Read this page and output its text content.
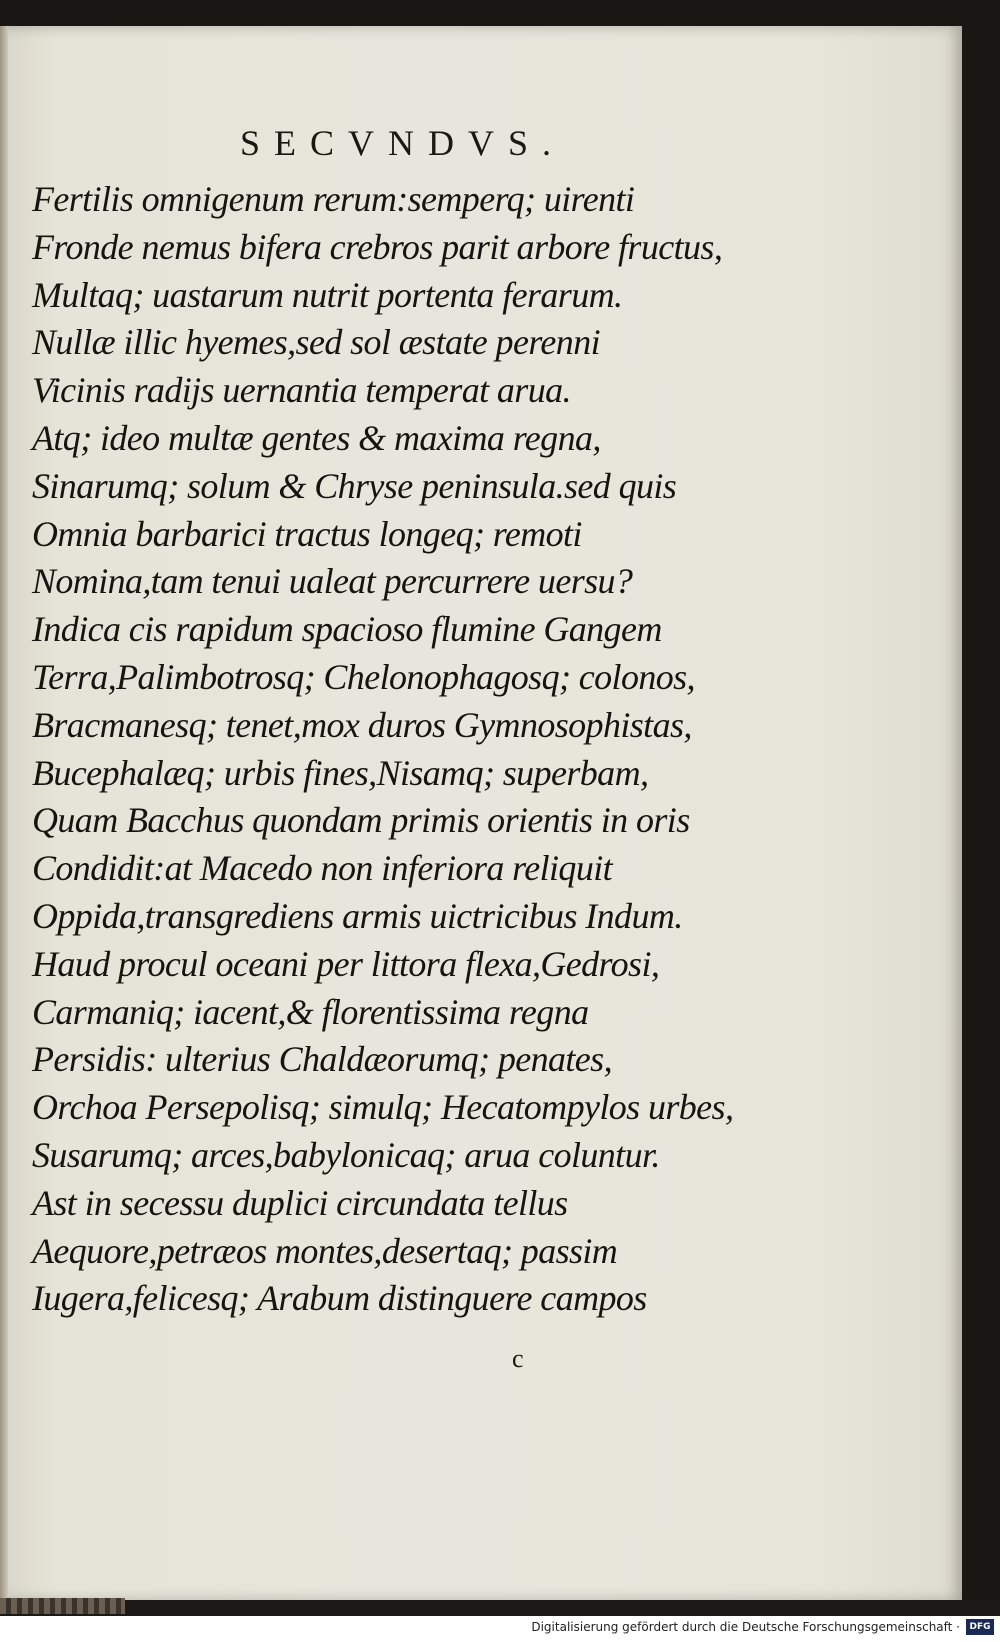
SECVNDVS.
Fertilis omnigenum rerum:semperq; uirenti
Fronde nemus bifera crebros parit arbore fructus,
Multaq; uastarum nutrit portenta ferarum.
Nullæ illic hyemes,sed sol æstate perenni
Vicinis radijs uernantia temperat arua.
Atq; ideo multæ gentes & maxima regna,
Sinarumq; solum & Chryse peninsula.sed quis
Omnia barbarici tractus longeq; remoti
Nomina,tam tenui ualeat percurrere uersu?
Indica cis rapidum spacioso flumine Gangem
Terra,Palimbotrosq; Chelonophagosq; colonos,
Bracmanesq; tenet,mox duros Gymnosophistas,
Bucephalæq; urbis fines,Nisamq; superbam,
Quam Bacchus quondam primis orientis in oris
Condidit:at Macedo non inferiora reliquit
Oppida,transgrediens armis uictricibus Indum.
Haud procul oceani per littora flexa,Gedrosi,
Carmaniq; iacent,& florentissima regna
Persidis: ulterius Chaldæorumq; penates,
Orchoa Persepolisq; simulq; Hecatompylos urbes,
Susarumq; arces,babylonicaq; arua coluntur.
Ast in secessu duplici circundata tellus
Aequore,petræos montes,desertaq; passim
Iugera,felicesq; Arabum distinguere campos
c
Digitalisierung gefördert durch die Deutsche Forschungsgemeinschaft ·	DFG
